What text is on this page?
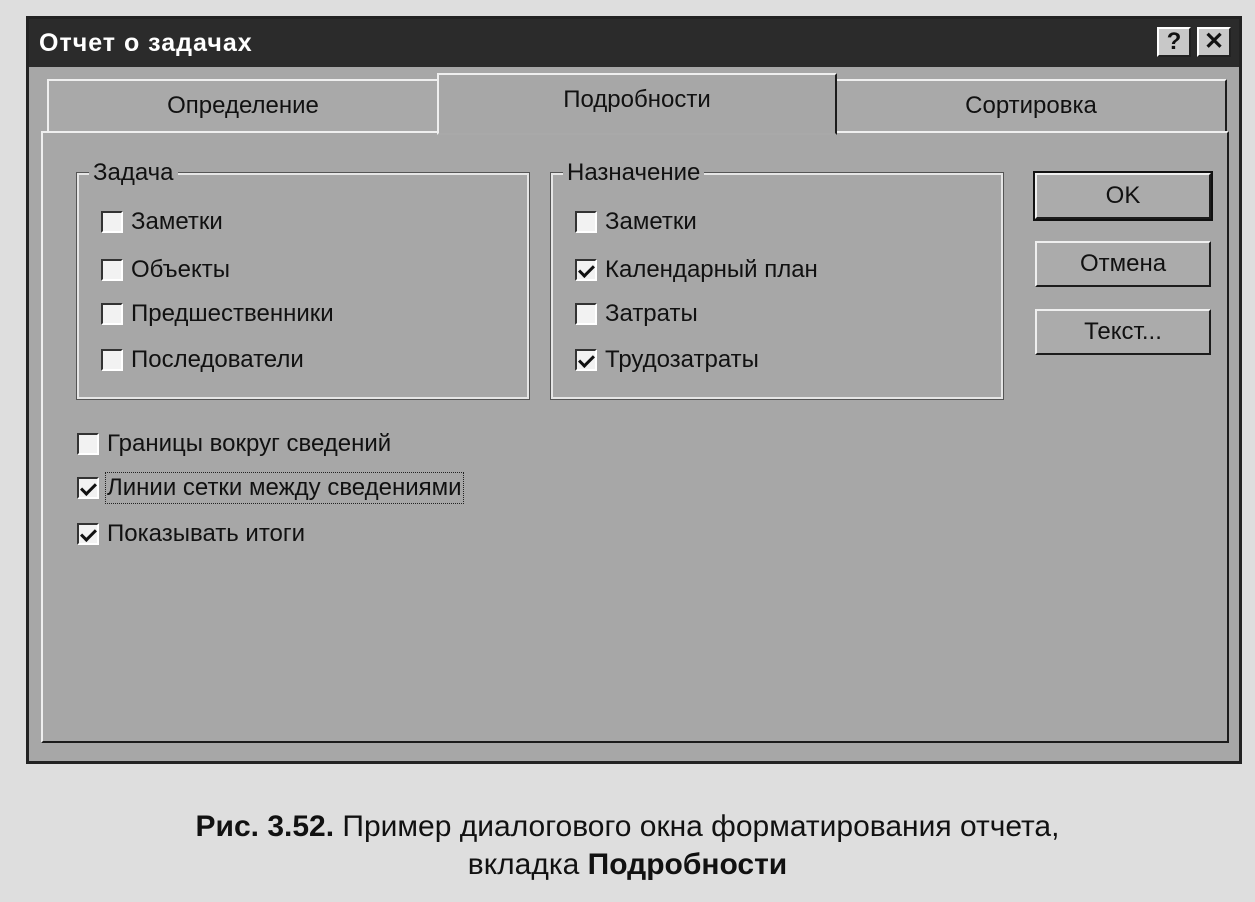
Отчет о задачах	? ✕
Определение	Подробности	Сортировка
Задача
Заметки
Объекты
Предшественники
Последователи
Назначение
Заметки
Календарный план
Затраты
Трудозатраты
Границы вокруг сведений
Линии сетки между сведениями
Показывать итоги
OK
Отмена
Текст...
Рис. 3.52. Пример диалогового окна форматирования отчета,
вкладка Подробности
